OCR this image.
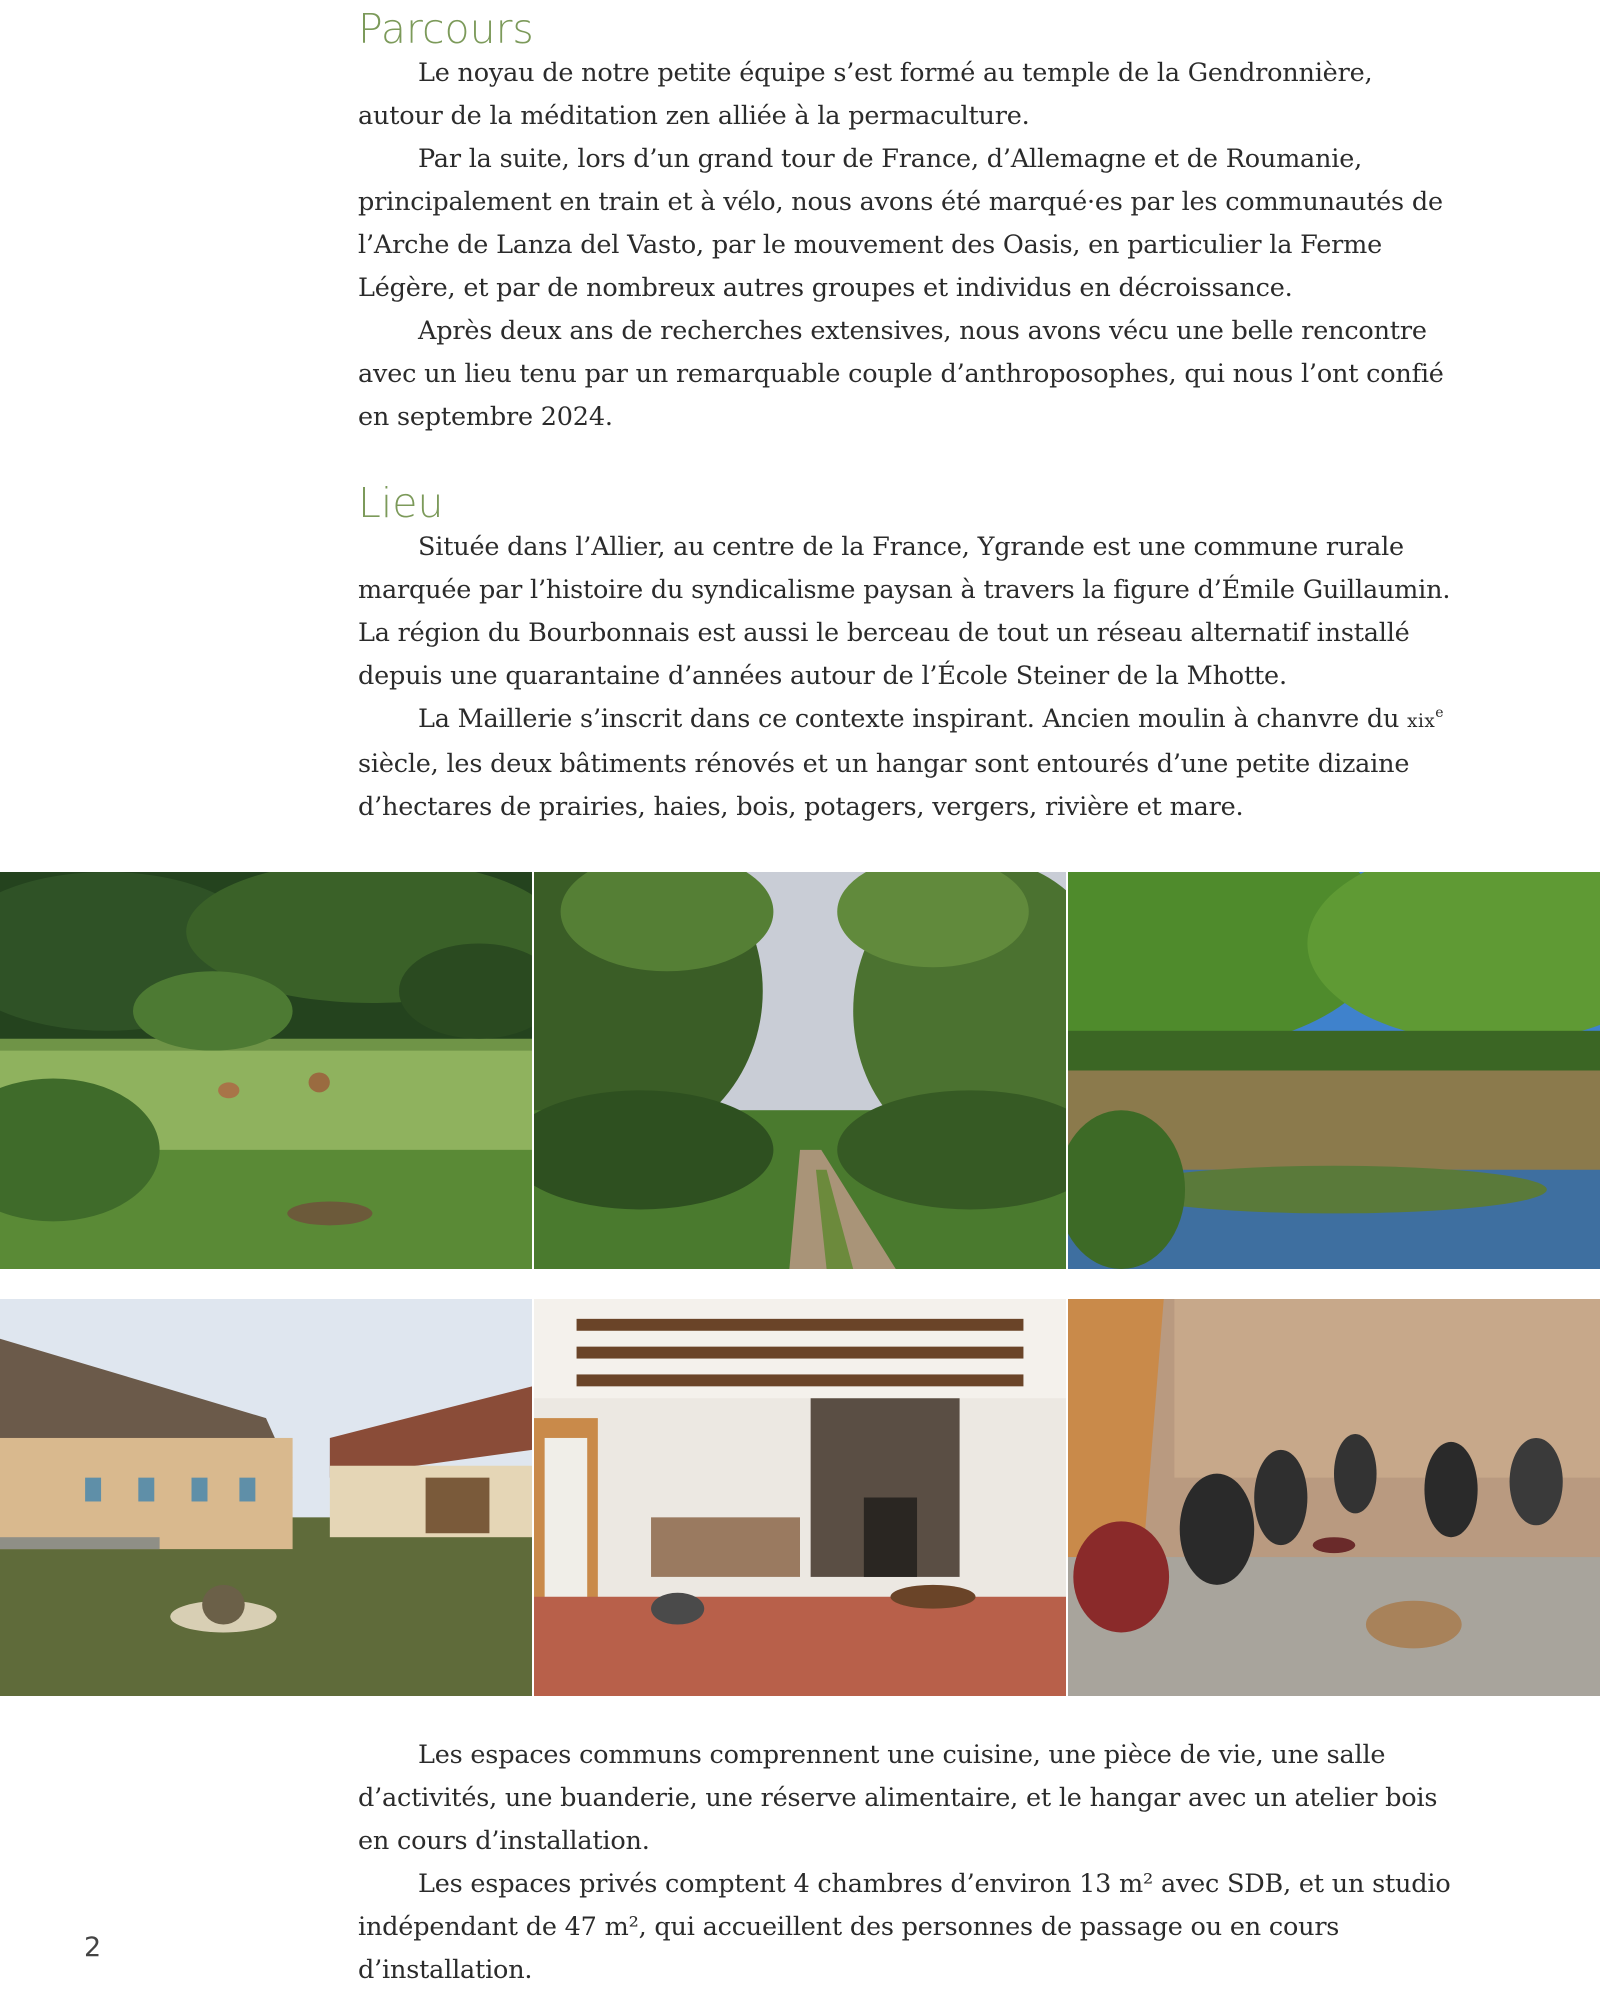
Parcours

Le noyau de notre petite équipe s’est formé au temple de la Gendronnière, autour de la méditation zen alliée à la permaculture.

Par la suite, lors d’un grand tour de France, d’Allemagne et de Roumanie, principalement en train et à vélo, nous avons été marqué·es par les communautés de l’Arche de Lanza del Vasto, par le mouvement des Oasis, en particulier la Ferme Légère, et par de nombreux autres groupes et individus en décroissance.

Après deux ans de recherches extensives, nous avons vécu une belle rencontre avec un lieu tenu par un remarquable couple d’anthroposophes, qui nous l’ont confié en septembre 2024.

Lieu

Située dans l’Allier, au centre de la France, Ygrande est une commune rurale marquée par l’histoire du syndicalisme paysan à travers la figure d’Émile Guillaumin. La région du Bourbonnais est aussi le berceau de tout un réseau alternatif installé depuis une quarantaine d’années autour de l’École Steiner de la Mhotte.

La Maillerie s’inscrit dans ce contexte inspirant. Ancien moulin à chanvre du xix$^e$ siècle, les deux bâtiments rénovés et un hangar sont entourés d’une petite dizaine d’hectares de prairies, haies, bois, potagers, vergers, rivière et mare.

Les espaces communs comprennent une cuisine, une pièce de vie, une salle d’activités, une buanderie, une réserve alimentaire, et le hangar avec un atelier bois en cours d’installation.

Les espaces privés comptent 4 chambres d’environ 13 m² avec SDB, et un studio indépendant de 47 m², qui accueillent des personnes de passage ou en cours d’installation.

2
